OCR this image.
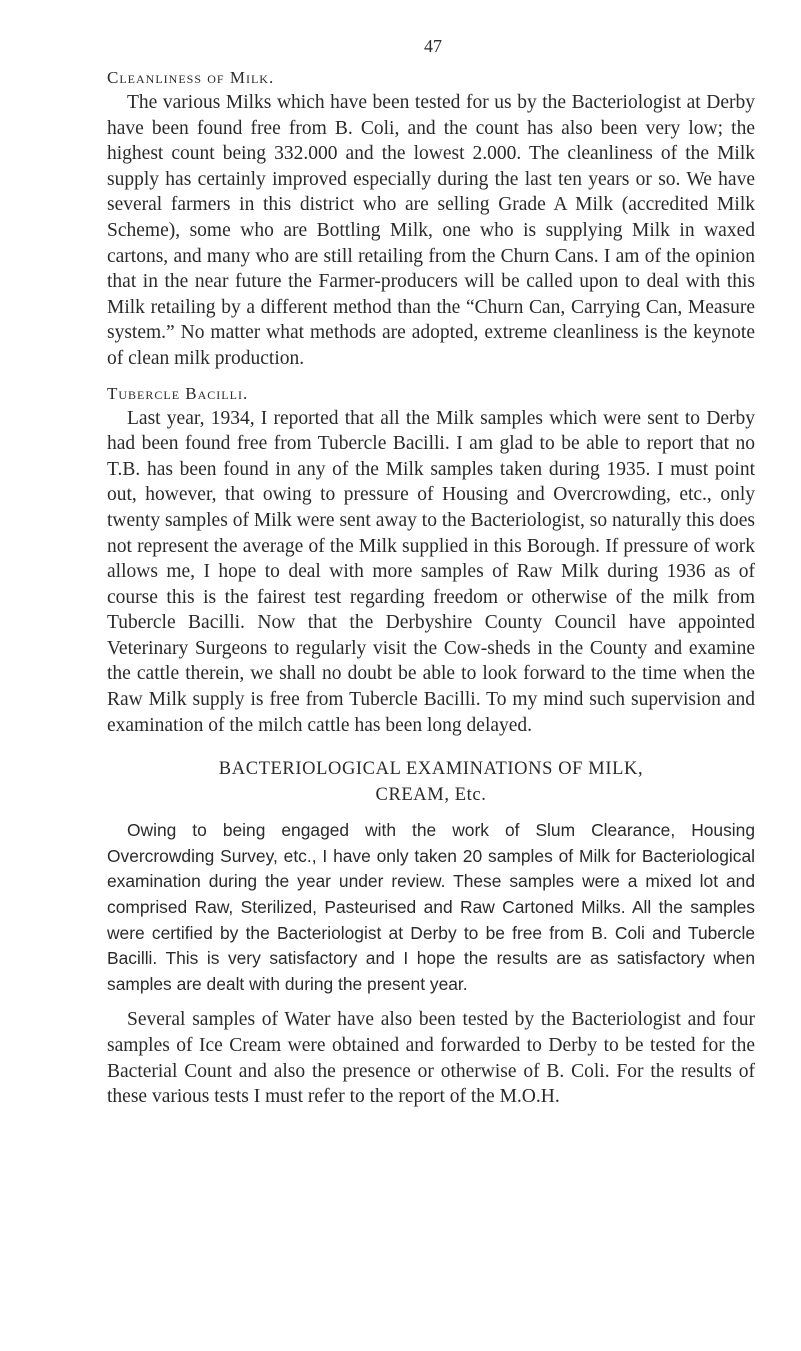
47
Cleanliness of Milk.

The various Milks which have been tested for us by the Bacteriologist at Derby have been found free from B. Coli, and the count has also been very low; the highest count being 332.000 and the lowest 2.000. The cleanliness of the Milk supply has certainly improved especially during the last ten years or so. We have several farmers in this district who are selling Grade A Milk (accredited Milk Scheme), some who are Bottling Milk, one who is supplying Milk in waxed cartons, and many who are still retailing from the Churn Cans. I am of the opinion that in the near future the Farmer-producers will be called upon to deal with this Milk retailing by a different method than the “Churn Can, Carrying Can, Measure system.” No matter what methods are adopted, extreme cleanliness is the keynote of clean milk production.

Tubercle Bacilli.

Last year, 1934, I reported that all the Milk samples which were sent to Derby had been found free from Tubercle Bacilli. I am glad to be able to report that no T.B. has been found in any of the Milk samples taken during 1935. I must point out, however, that owing to pressure of Housing and Overcrowding, etc., only twenty samples of Milk were sent away to the Bacteriologist, so naturally this does not represent the average of the Milk supplied in this Borough. If pressure of work allows me, I hope to deal with more samples of Raw Milk during 1936 as of course this is the fairest test regarding freedom or otherwise of the milk from Tubercle Bacilli. Now that the Derbyshire County Council have appointed Veterinary Surgeons to regularly visit the Cow-sheds in the County and examine the cattle therein, we shall no doubt be able to look forward to the time when the Raw Milk supply is free from Tubercle Bacilli. To my mind such supervision and examination of the milch cattle has been long delayed.

BACTERIOLOGICAL EXAMINATIONS OF MILK,
CREAM, Etc.

Owing to being engaged with the work of Slum Clearance, Housing Overcrowding Survey, etc., I have only taken 20 samples of Milk for Bacteriological examination during the year under review. These samples were a mixed lot and comprised Raw, Sterilized, Pasteurised and Raw Cartoned Milks. All the samples were certified by the Bacteriologist at Derby to be free from B. Coli and Tubercle Bacilli. This is very satisfactory and I hope the results are as satisfactory when samples are dealt with during the present year.

Several samples of Water have also been tested by the Bacteriologist and four samples of Ice Cream were obtained and forwarded to Derby to be tested for the Bacterial Count and also the presence or otherwise of B. Coli. For the results of these various tests I must refer to the report of the M.O.H.
